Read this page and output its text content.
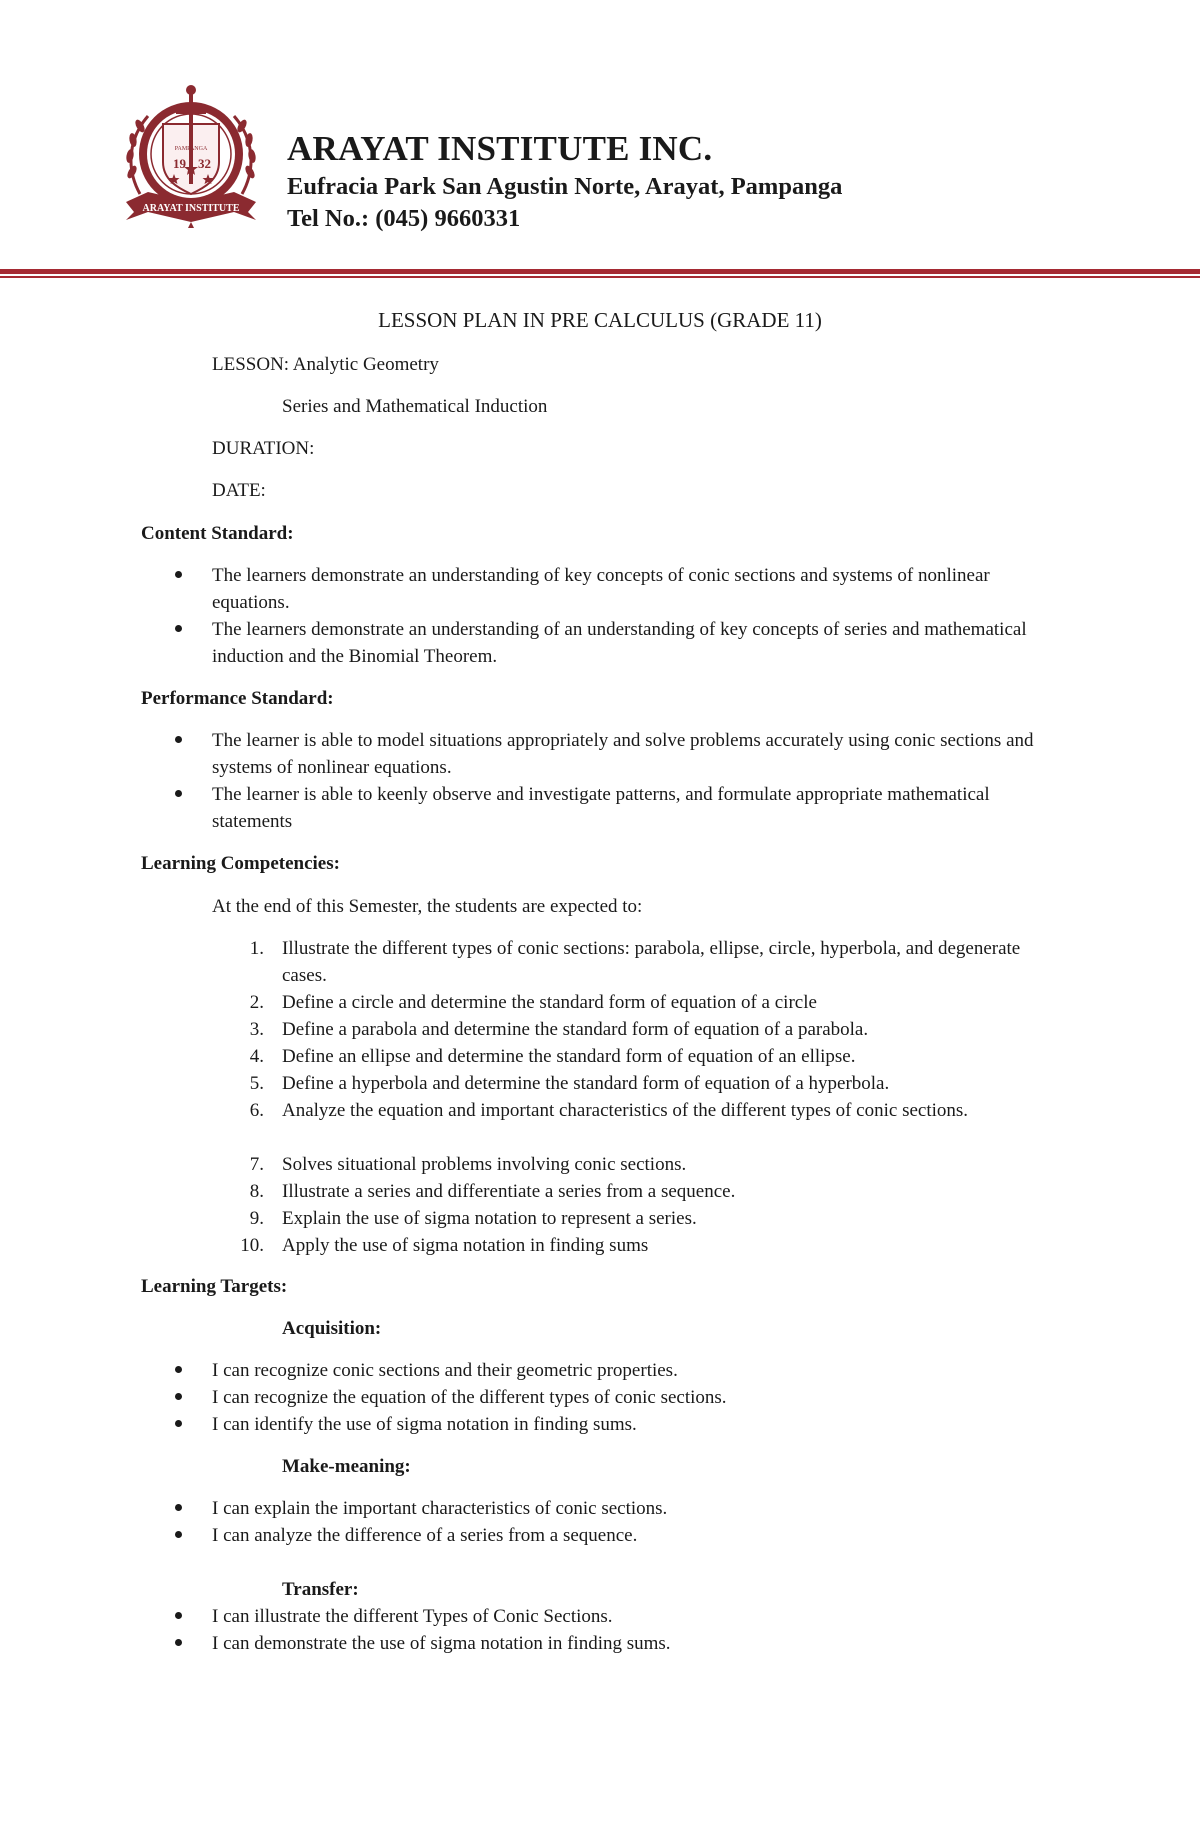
19 32
PAMPANGA
ARAYAT INSTITUTE
ARAYAT INSTITUTE INC.
Eufracia Park San Agustin Norte, Arayat, Pampanga
Tel No.: (045) 9660331
LESSON PLAN IN PRE CALCULUS (GRADE 11)
LESSON: Analytic Geometry
Series and Mathematical Induction
DURATION:
DATE:
Content Standard:
The learners demonstrate an understanding of key concepts of conic sections and systems of nonlinear equations.
The learners demonstrate an understanding of an understanding of key concepts of series and mathematical induction and the Binomial Theorem.
Performance Standard:
The learner is able to model situations appropriately and solve problems accurately using conic sections and systems of nonlinear equations.
The learner is able to keenly observe and investigate patterns, and formulate appropriate mathematical statements
Learning Competencies:
At the end of this Semester, the students are expected to:
1. Illustrate the different types of conic sections: parabola, ellipse, circle, hyperbola, and degenerate cases.
2. Define a circle and determine the standard form of equation of a circle
3. Define a parabola and determine the standard form of equation of a parabola.
4. Define an ellipse and determine the standard form of equation of an ellipse.
5. Define a hyperbola and determine the standard form of equation of a hyperbola.
6. Analyze the equation and important characteristics of the different types of conic sections.
7. Solves situational problems involving conic sections.
8. Illustrate a series and differentiate a series from a sequence.
9. Explain the use of sigma notation to represent a series.
10. Apply the use of sigma notation in finding sums
Learning Targets:
Acquisition:
I can recognize conic sections and their geometric properties.
I can recognize the equation of the different types of conic sections.
I can identify the use of sigma notation in finding sums.
Make-meaning:
I can explain the important characteristics of conic sections.
I can analyze the difference of a series from a sequence.
Transfer:
I can illustrate the different Types of Conic Sections.
I can demonstrate the use of sigma notation in finding sums.
